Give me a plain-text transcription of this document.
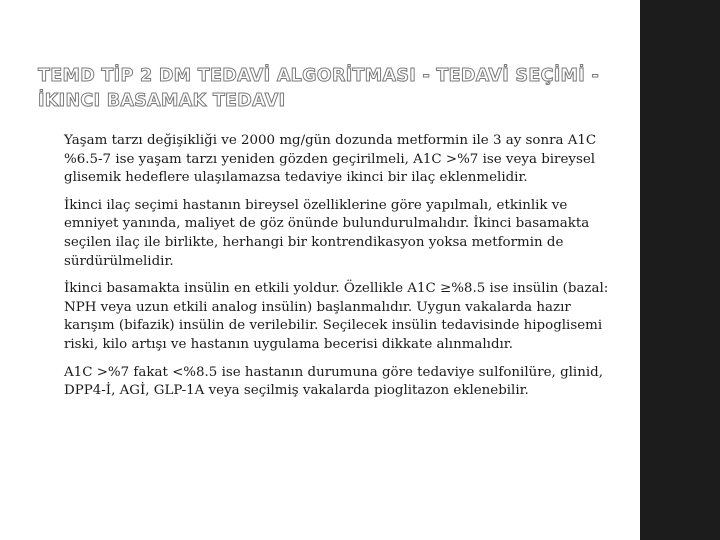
TEMD TİP 2 DM TEDAVİ ALGORİTMASI - TEDAVİ SEÇİMİ - İKINCI BASAMAK TEDAVI
Yaşam tarzı değişikliği ve 2000 mg/gün dozunda metformin ile 3 ay sonra A1C %6.5-7 ise yaşam tarzı yeniden gözden geçirilmeli, A1C >%7 ise veya bireysel glisemik hedeflere ulaşılamazsa tedaviye ikinci bir ilaç eklenmelidir.
İkinci ilaç seçimi hastanın bireysel özelliklerine göre yapılmalı, etkinlik ve emniyet yanında, maliyet de göz önünde bulundurulmalıdır. İkinci basamakta seçilen ilaç ile birlikte, herhangi bir kontrendikasyon yoksa metformin de sürdürülmelidir.
İkinci basamakta insülin en etkili yoldur. Özellikle A1C ≥%8.5 ise insülin (bazal: NPH veya uzun etkili analog insülin) başlanmalıdır. Uygun vakalarda hazır karışım (bifazik) insülin de verilebilir. Seçilecek insülin tedavisinde hipoglisemi riski, kilo artışı ve hastanın uygulama becerisi dikkate alınmalıdır.
A1C >%7 fakat <%8.5 ise hastanın durumuna göre tedaviye sulfonilüre, glinid, DPP4-İ, AGİ, GLP-1A veya seçilmiş vakalarda pioglitazon eklenebilir.
